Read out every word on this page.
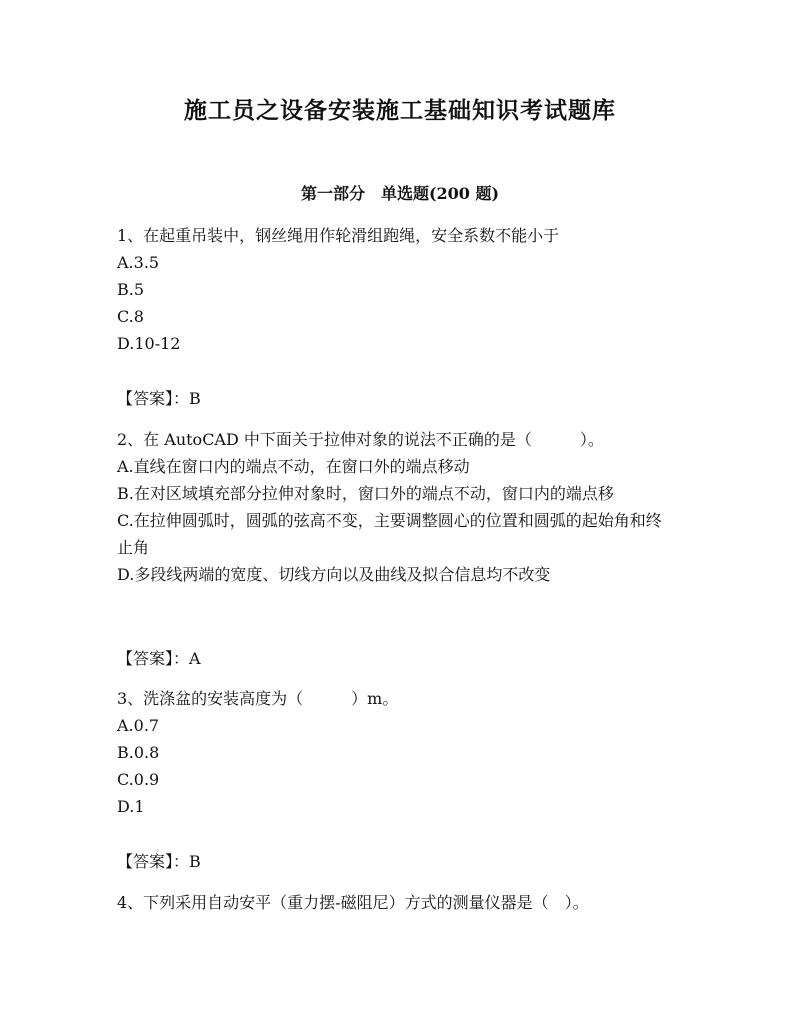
施工员之设备安装施工基础知识考试题库
第一部分　单选题(200 题)

1、在起重吊装中，钢丝绳用作轮滑组跑绳，安全系数不能小于

A.3.5

B.5

C.8

D.10-12

【答案】：B

2、在 AutoCAD 中下面关于拉伸对象的说法不正确的是（　　　）。

A.直线在窗口内的端点不动，在窗口外的端点移动

B.在对区域填充部分拉伸对象时，窗口外的端点不动，窗口内的端点移

C.在拉伸圆弧时，圆弧的弦高不变，主要调整圆心的位置和圆弧的起始角和终止角

D.多段线两端的宽度、切线方向以及曲线及拟合信息均不改变

【答案】：A

3、洗涤盆的安装高度为（　　　）m。

A.0.7

B.0.8

C.0.9

D.1

【答案】：B

4、下列采用自动安平（重力摆-磁阻尼）方式的测量仪器是（　）。
